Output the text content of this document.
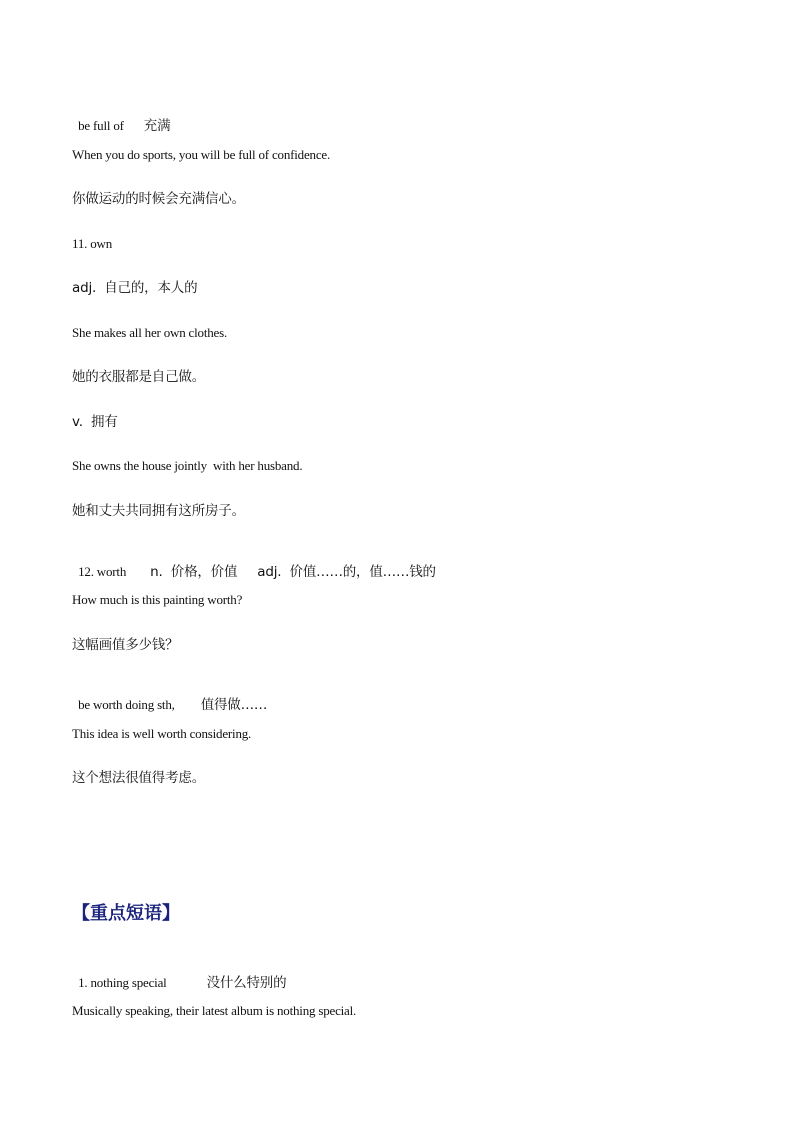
be full of 充满

When you do sports, you will be full of confidence.
你做运动的时候会充满信心。
11. own
adj.  自己的，本人的
She makes all her own clothes.
她的衣服都是自己做。
v.  拥有
She owns the house jointly  with her husband.
她和丈夫共同拥有这所房子。

12. worth n.  价格，价值 adj.  价值……的，值……钱的

How much is this painting worth?
这幅画值多少钱？

be worth doing sth, 值得做……

This idea is well worth considering.
这个想法很值得考虑。
【重点短语】

1. nothing special	没什么特别的

Musically speaking, their latest album is nothing special.
